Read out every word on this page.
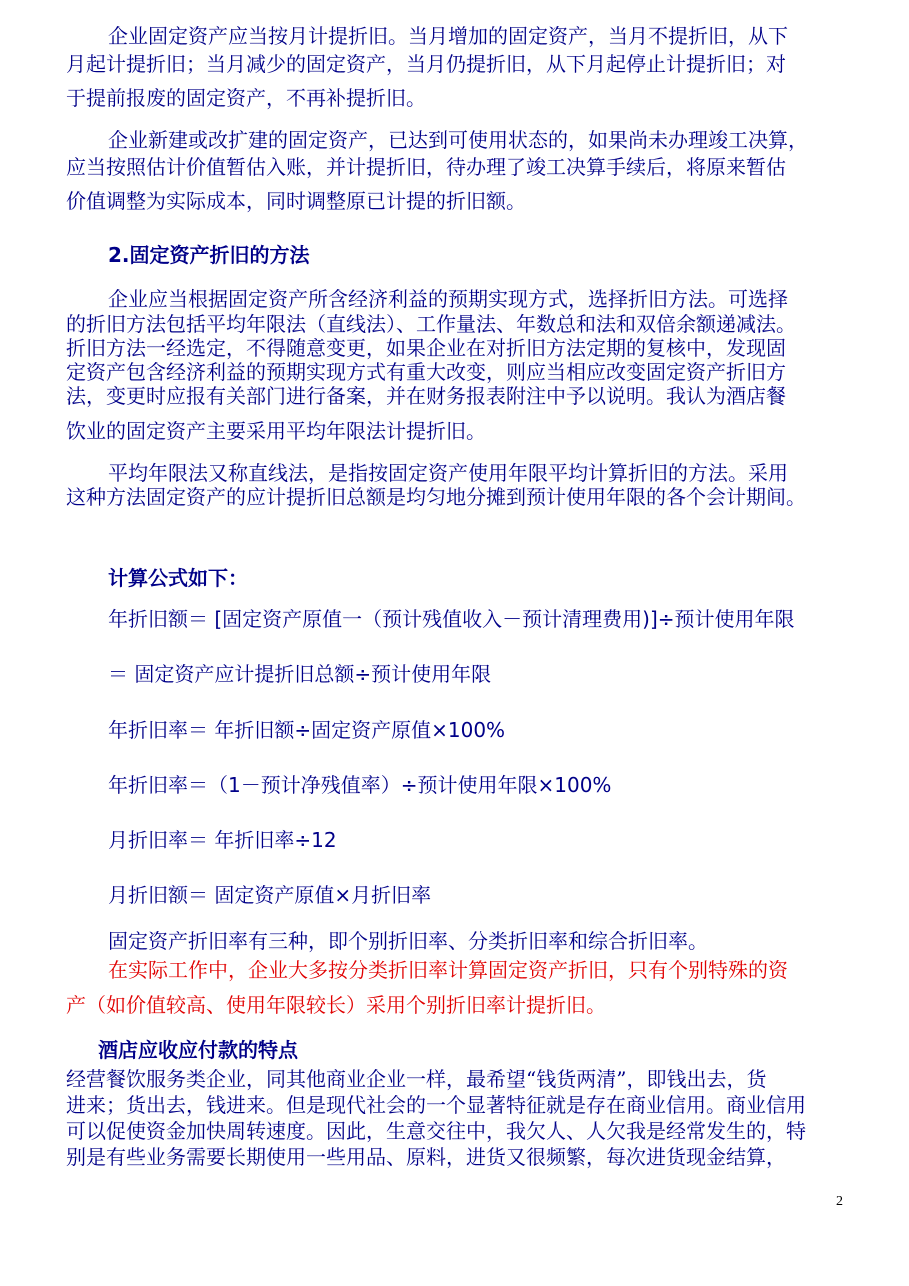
企业固定资产应当按月计提折旧。当月增加的固定资产，当月不提折旧，从下
月起计提折旧；当月减少的固定资产，当月仍提折旧，从下月起停止计提折旧；对
于提前报废的固定资产，不再补提折旧。
企业新建或改扩建的固定资产，已达到可使用状态的，如果尚未办理竣工决算，
应当按照估计价值暂估入账，并计提折旧，待办理了竣工决算手续后，将原来暂估
价值调整为实际成本，同时调整原已计提的折旧额。
2.固定资产折旧的方法
企业应当根据固定资产所含经济利益的预期实现方式，选择折旧方法。可选择
的折旧方法包括平均年限法（直线法）、工作量法、年数总和法和双倍余额递减法。
折旧方法一经选定，不得随意变更，如果企业在对折旧方法定期的复核中，发现固
定资产包含经济利益的预期实现方式有重大改变，则应当相应改变固定资产折旧方
法，变更时应报有关部门进行备案，并在财务报表附注中予以说明。我认为酒店餐
饮业的固定资产主要采用平均年限法计提折旧。
平均年限法又称直线法，是指按固定资产使用年限平均计算折旧的方法。采用
这种方法固定资产的应计提折旧总额是均匀地分摊到预计使用年限的各个会计期间。
计算公式如下：
年折旧额＝ [固定资产原值一（预计残值收入－预计清理费用)]÷预计使用年限
＝ 固定资产应计提折旧总额÷预计使用年限
年折旧率＝ 年折旧额÷固定资产原值×100%
年折旧率＝（1－预计净残值率）÷预计使用年限×100%
月折旧率＝ 年折旧率÷12
月折旧额＝ 固定资产原值×月折旧率
固定资产折旧率有三种，即个别折旧率、分类折旧率和综合折旧率。
在实际工作中，企业大多按分类折旧率计算固定资产折旧，只有个别特殊的资
产（如价值较高、使用年限较长）采用个别折旧率计提折旧。
酒店应收应付款的特点
经营餐饮服务类企业，同其他商业企业一样，最希望“钱货两清”，即钱出去，货
进来；货出去，钱进来。但是现代社会的一个显著特征就是存在商业信用。商业信用
可以促使资金加快周转速度。因此，生意交往中，我欠人、人欠我是经常发生的，特
别是有些业务需要长期使用一些用品、原料，进货又很频繁，每次进货现金结算，
2
